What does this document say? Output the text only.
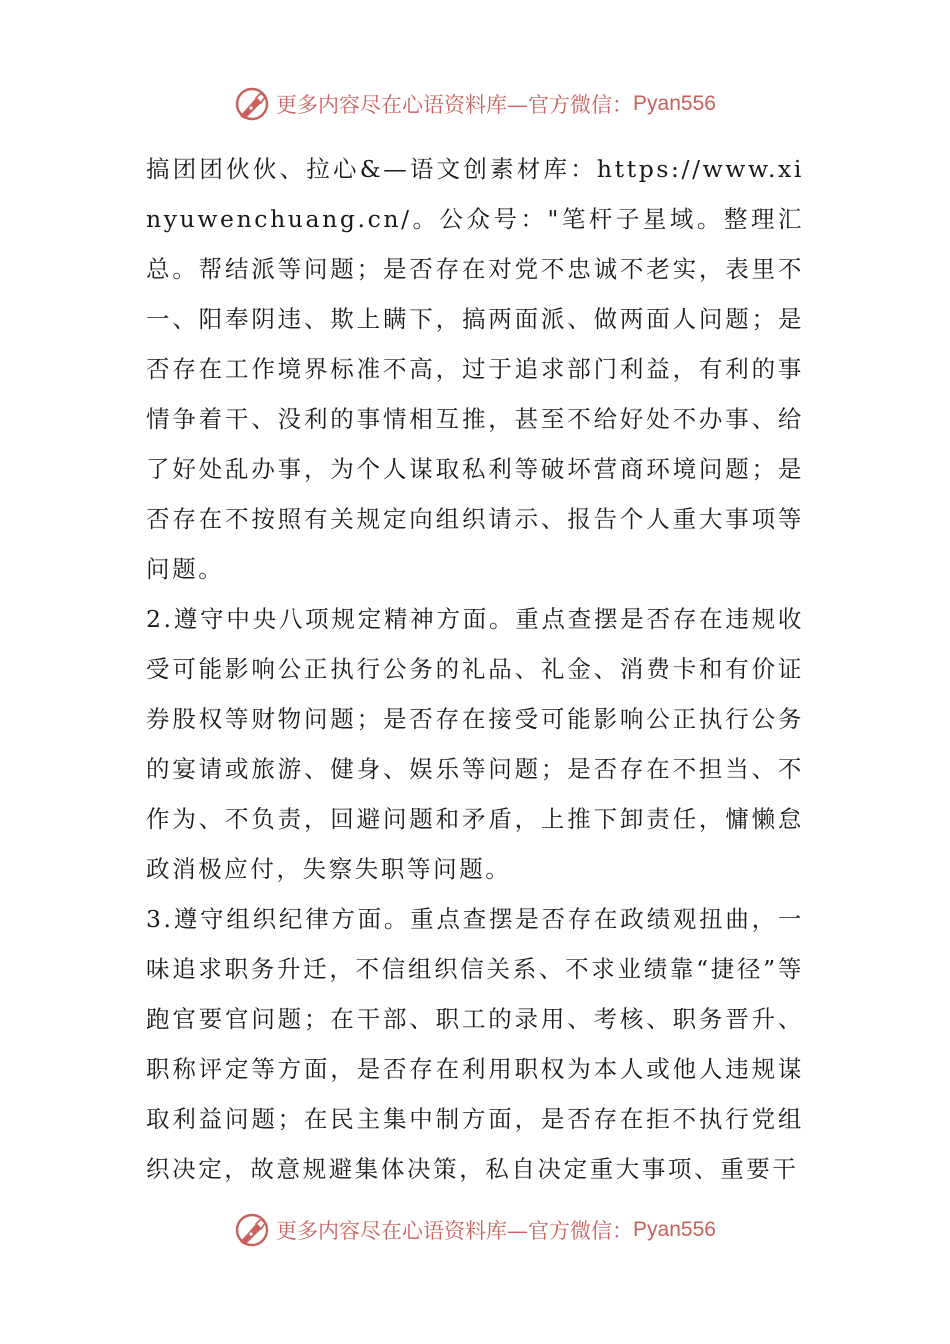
更多内容尽在心语资料库—官方微信： Pyan556

搞团团伙伙、拉心&—语文创素材库：https://www.xinyuwenchuang.cn/。公众号："笔杆子星域。整理汇总。帮结派等问题；是否存在对党不忠诚不老实，表里不一、阳奉阴违、欺上瞒下，搞两面派、做两面人问题；是否存在工作境界标准不高，过于追求部门利益，有利的事情争着干、没利的事情相互推，甚至不给好处不办事、给了好处乱办事，为个人谋取私利等破坏营商环境问题；是否存在不按照有关规定向组织请示、报告个人重大事项等问题。

2.遵守中央八项规定精神方面。重点查摆是否存在违规收受可能影响公正执行公务的礼品、礼金、消费卡和有价证券股权等财物问题；是否存在接受可能影响公正执行公务的宴请或旅游、健身、娱乐等问题；是否存在不担当、不作为、不负责，回避问题和矛盾，上推下卸责任，慵懒怠政消极应付，失察失职等问题。

3.遵守组织纪律方面。重点查摆是否存在政绩观扭曲，一味追求职务升迁，不信组织信关系、不求业绩靠“捷径”等跑官要官问题；在干部、职工的录用、考核、职务晋升、职称评定等方面，是否存在利用职权为本人或他人违规谋取利益问题；在民主集中制方面，是否存在拒不执行党组织决定，故意规避集体决策，私自决定重大事项、重要干

更多内容尽在心语资料库—官方微信： Pyan556
